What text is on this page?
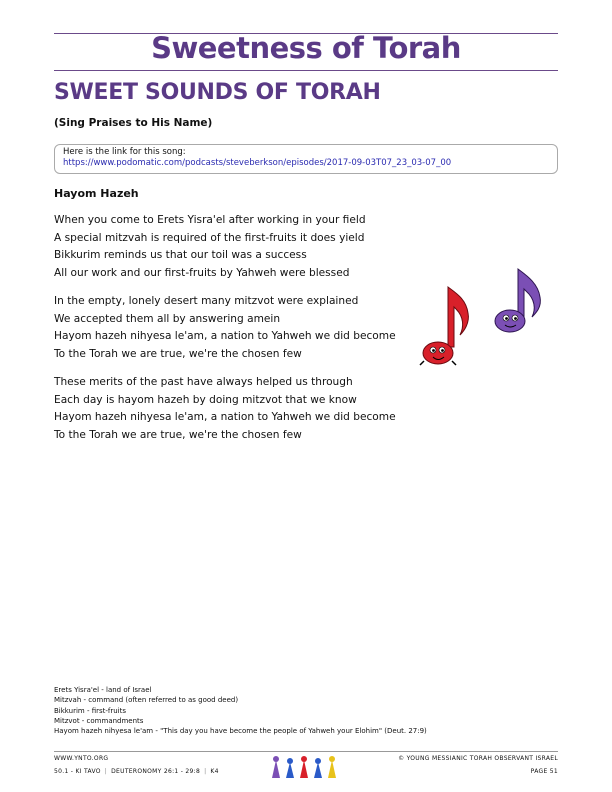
Sweetness of Torah
SWEET SOUNDS OF TORAH
(Sing Praises to His Name)
Here is the link for this song:
https://www.podomatic.com/podcasts/steveberkson/episodes/2017-09-03T07_23_03-07_00
Hayom Hazeh
When you come to Erets Yisra'el after working in your field
A special mitzvah is required of the first-fruits it does yield
Bikkurim reminds us that our toil was a success
All our work and our first-fruits by Yahweh were blessed
In the empty, lonely desert many mitzvot were explained
We accepted them all by answering amein
Hayom hazeh nihyesa le'am, a nation to Yahweh we did become
To the Torah we are true, we're the chosen few
These merits of the past have always helped us through
Each day is hayom hazeh by doing mitzvot that we know
Hayom hazeh nihyesa le'am, a nation to Yahweh we did become
To the Torah we are true, we're the chosen few
Erets Yisra'el - land of Israel
Mitzvah - command (often referred to as good deed)
Bikkurim - first-fruits
Mitzvot - commandments
Hayom hazeh nihyesa le'am - "This day you have become the people of Yahweh your Elohim" (Deut. 27:9)
WWW.YNTO.ORG	© YOUNG MESSIANIC TORAH OBSERVANT ISRAEL
50.1 - KI TAVO | DEUTERONOMY 26:1 - 29:8 | K4	PAGE 51
